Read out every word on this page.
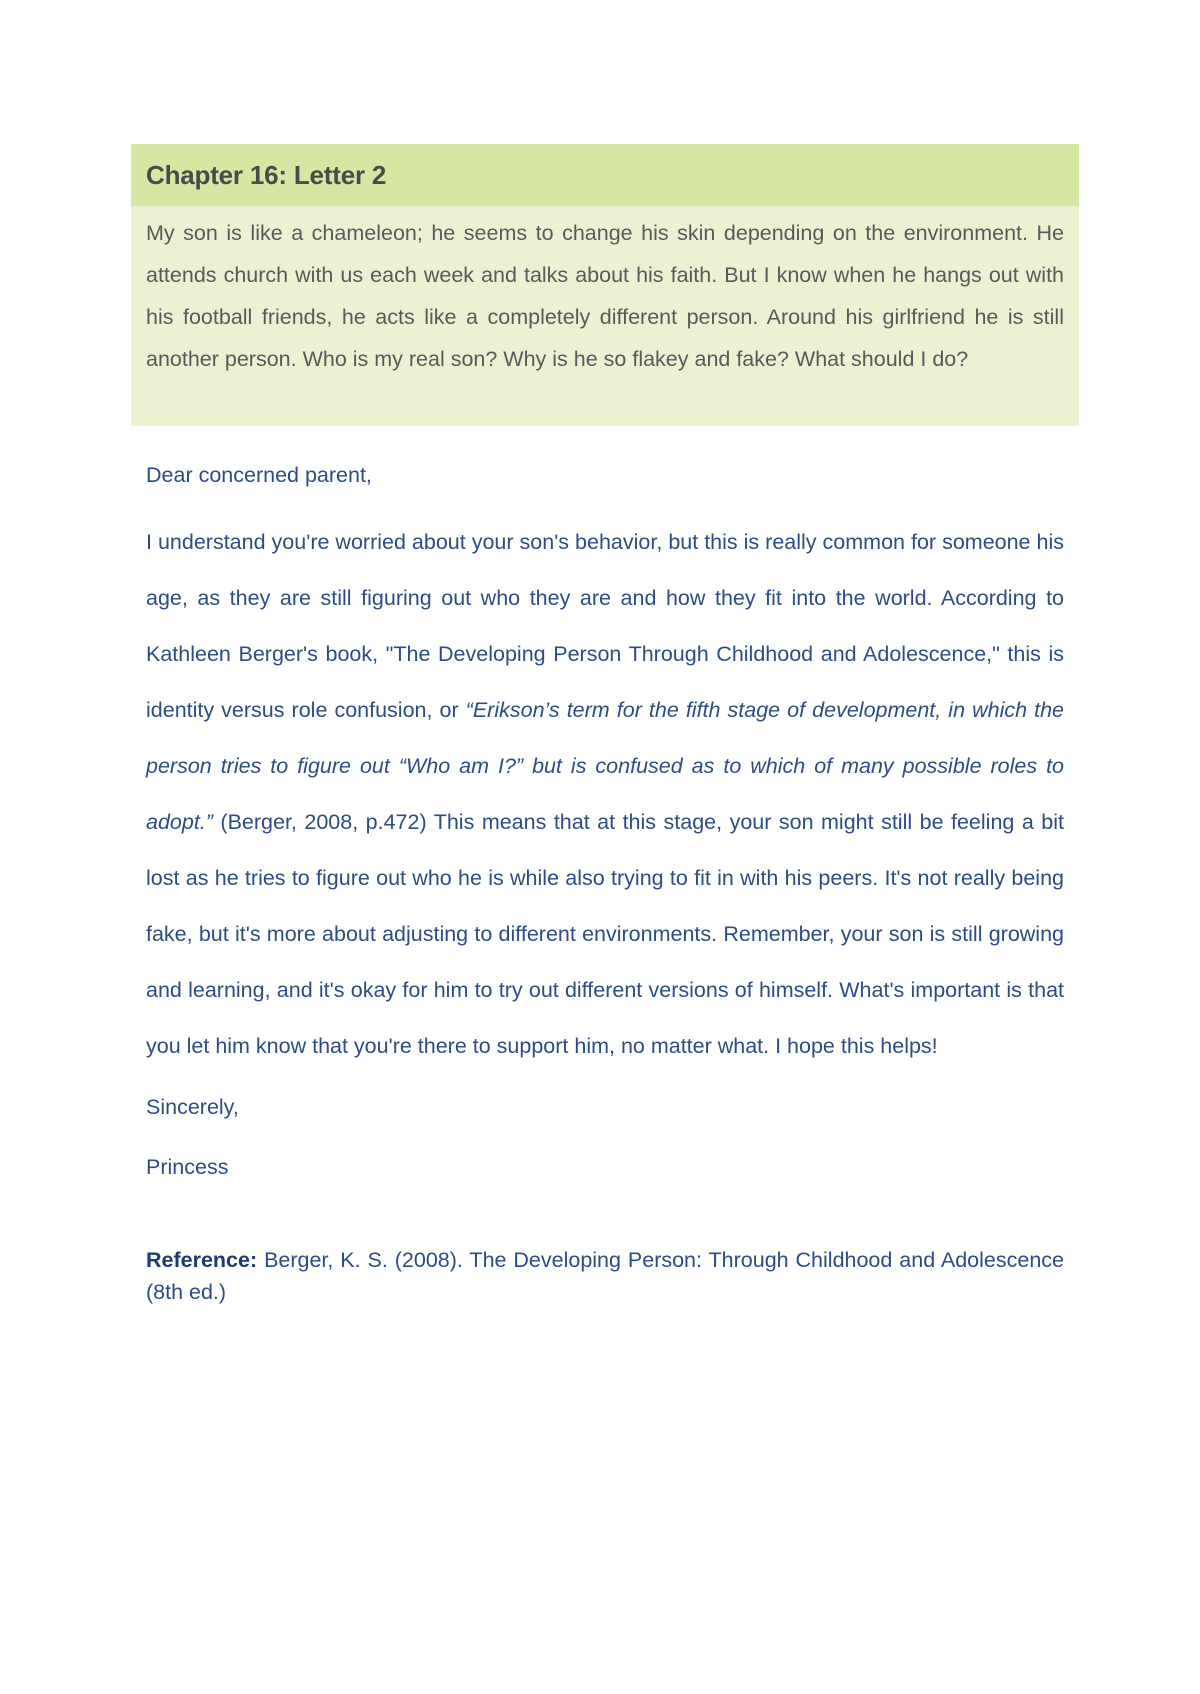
Chapter 16: Letter 2

My son is like a chameleon; he seems to change his skin depending on the environment. He attends church with us each week and talks about his faith. But I know when he hangs out with his football friends, he acts like a completely different person. Around his girlfriend he is still another person. Who is my real son? Why is he so flakey and fake? What should I do?

Dear concerned parent,

I understand you're worried about your son's behavior, but this is really common for someone his age, as they are still figuring out who they are and how they fit into the world. According to Kathleen Berger's book, "The Developing Person Through Childhood and Adolescence," this is identity versus role confusion, or “Erikson’s term for the fifth stage of development, in which the person tries to figure out “Who am I?” but is confused as to which of many possible roles to adopt.” (Berger, 2008, p.472) This means that at this stage, your son might still be feeling a bit lost as he tries to figure out who he is while also trying to fit in with his peers. It's not really being fake, but it's more about adjusting to different environments. Remember, your son is still growing and learning, and it's okay for him to try out different versions of himself. What's important is that you let him know that you're there to support him, no matter what. I hope this helps!

Sincerely,

Princess

Reference: Berger, K. S. (2008). The Developing Person: Through Childhood and Adolescence (8th ed.)
